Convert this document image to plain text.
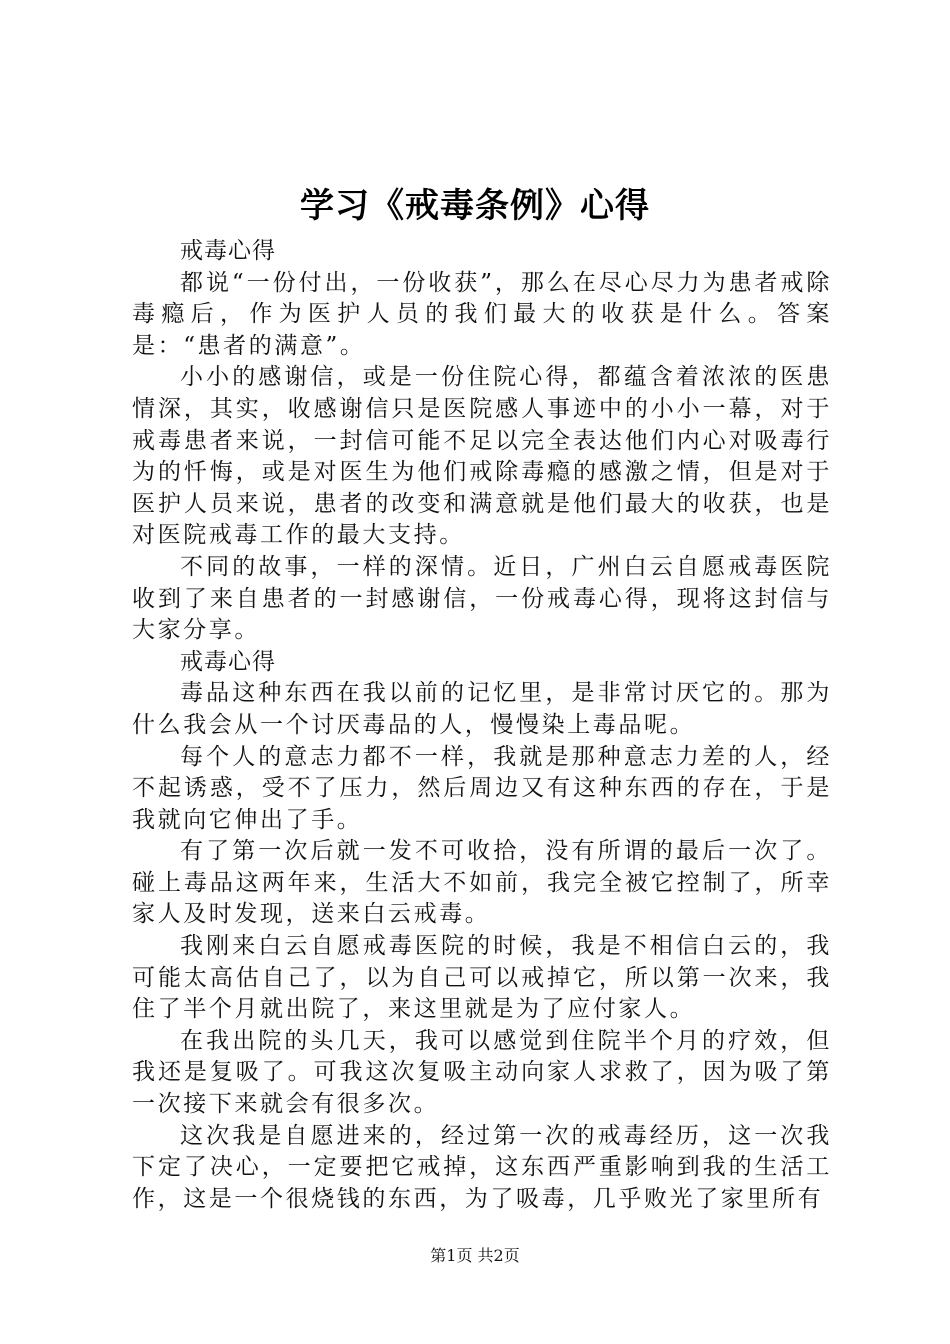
学习《戒毒条例》心得

戒毒心得

都说“一份付出，一份收获”，那么在尽心尽力为患者戒除毒瘾后，作为医护人员的我们最大的收获是什么。答案是：“患者的满意”。

小小的感谢信，或是一份住院心得，都蕴含着浓浓的医患情深，其实，收感谢信只是医院感人事迹中的小小一幕，对于戒毒患者来说，一封信可能不足以完全表达他们内心对吸毒行为的忏悔，或是对医生为他们戒除毒瘾的感激之情，但是对于医护人员来说，患者的改变和满意就是他们最大的收获，也是对医院戒毒工作的最大支持。

不同的故事，一样的深情。近日，广州白云自愿戒毒医院收到了来自患者的一封感谢信，一份戒毒心得，现将这封信与大家分享。

戒毒心得

毒品这种东西在我以前的记忆里，是非常讨厌它的。那为什么我会从一个讨厌毒品的人，慢慢染上毒品呢。

每个人的意志力都不一样，我就是那种意志力差的人，经不起诱惑，受不了压力，然后周边又有这种东西的存在，于是我就向它伸出了手。

有了第一次后就一发不可收拾，没有所谓的最后一次了。碰上毒品这两年来，生活大不如前，我完全被它控制了，所幸家人及时发现，送来白云戒毒。

我刚来白云自愿戒毒医院的时候，我是不相信白云的，我可能太高估自己了，以为自己可以戒掉它，所以第一次来，我住了半个月就出院了，来这里就是为了应付家人。

在我出院的头几天，我可以感觉到住院半个月的疗效，但我还是复吸了。可我这次复吸主动向家人求救了，因为吸了第一次接下来就会有很多次。

这次我是自愿进来的，经过第一次的戒毒经历，这一次我下定了决心，一定要把它戒掉，这东西严重影响到我的生活工作，这是一个很烧钱的东西，为了吸毒，几乎败光了家里所有

第1页 共2页
